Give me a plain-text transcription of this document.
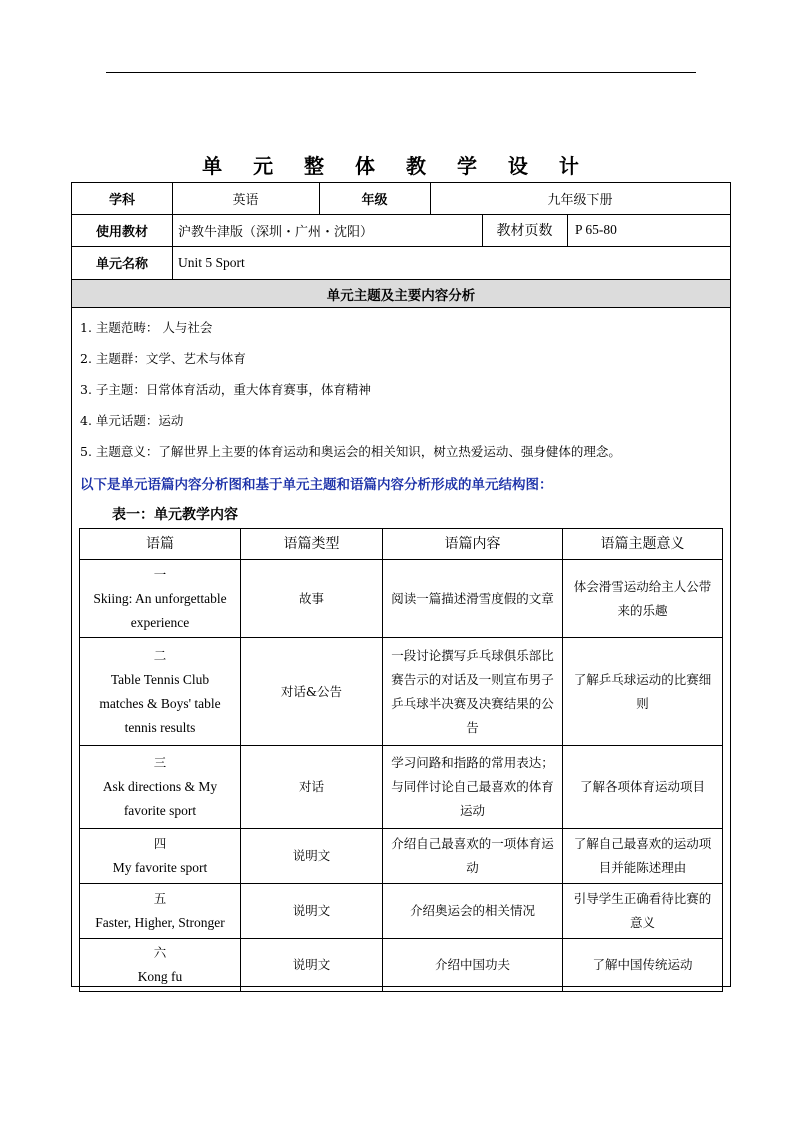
单 元 整 体 教 学 设 计
学科	英语	年级	九年级下册
使用教材	沪教牛津版（深圳・广州・沈阳）	教材页数	P 65-80
单元名称	Unit 5 Sport
单元主题及主要内容分析
1. 主题范畴： 人与社会
2. 主题群：文学、艺术与体育
3. 子主题：日常体育活动，重大体育赛事，体育精神
4. 单元话题：运动
5. 主题意义：了解世界上主要的体育运动和奥运会的相关知识，树立热爱运动、强身健体的理念。
以下是单元语篇内容分析图和基于单元主题和语篇内容分析形成的单元结构图：
表一：单元教学内容
语篇	语篇类型	语篇内容	语篇主题意义

一
Skiing: An unforgettable experience	故事	阅读一篇描述滑雪度假的文章	体会滑雪运动给主人公带来的乐趣

二
Table Tennis Club matches & Boys' table tennis results	对话&公告	一段讨论撰写乒乓球俱乐部比赛告示的对话及一则宣布男子乒乓球半决赛及决赛结果的公告	了解乒乓球运动的比赛细则

三
Ask directions & My favorite sport	对话	学习问路和指路的常用表达；与同伴讨论自己最喜欢的体育运动	了解各项体育运动项目

四
My favorite sport	说明文	介绍自己最喜欢的一项体育运动	了解自己最喜欢的运动项目并能陈述理由

五
Faster, Higher, Stronger	说明文	介绍奥运会的相关情况	引导学生正确看待比赛的意义

六
Kong fu	说明文	介绍中国功夫	了解中国传统运动
